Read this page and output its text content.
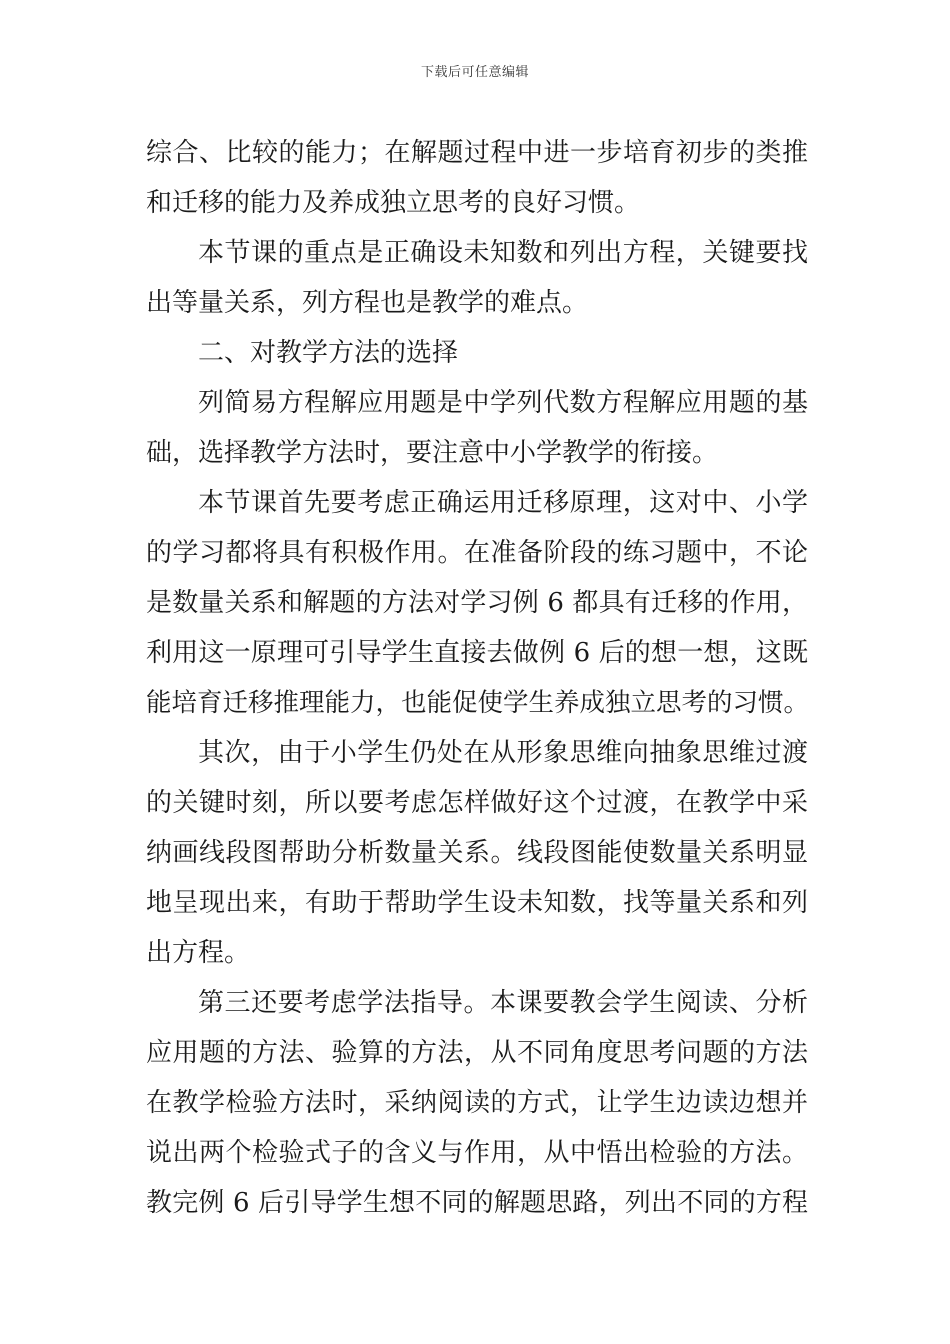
下载后可任意编辑
综合、比较的能力；在解题过程中进一步培育初步的类推
和迁移的能力及养成独立思考的良好习惯。
本节课的重点是正确设未知数和列出方程，关键要找
出等量关系，列方程也是教学的难点。
二、对教学方法的选择
列简易方程解应用题是中学列代数方程解应用题的基
础，选择教学方法时，要注意中小学教学的衔接。
本节课首先要考虑正确运用迁移原理，这对中、小学
的学习都将具有积极作用。在准备阶段的练习题中，不论
是数量关系和解题的方法对学习例 6 都具有迁移的作用，
利用这一原理可引导学生直接去做例 6 后的想一想，这既
能培育迁移推理能力，也能促使学生养成独立思考的习惯。
其次，由于小学生仍处在从形象思维向抽象思维过渡
的关键时刻，所以要考虑怎样做好这个过渡，在教学中采
纳画线段图帮助分析数量关系。线段图能使数量关系明显
地呈现出来，有助于帮助学生设未知数，找等量关系和列
出方程。
第三还要考虑学法指导。本课要教会学生阅读、分析
应用题的方法、验算的方法，从不同角度思考问题的方法
在教学检验方法时，采纳阅读的方式，让学生边读边想并
说出两个检验式子的含义与作用，从中悟出检验的方法。
教完例 6 后引导学生想不同的解题思路，列出不同的方程
